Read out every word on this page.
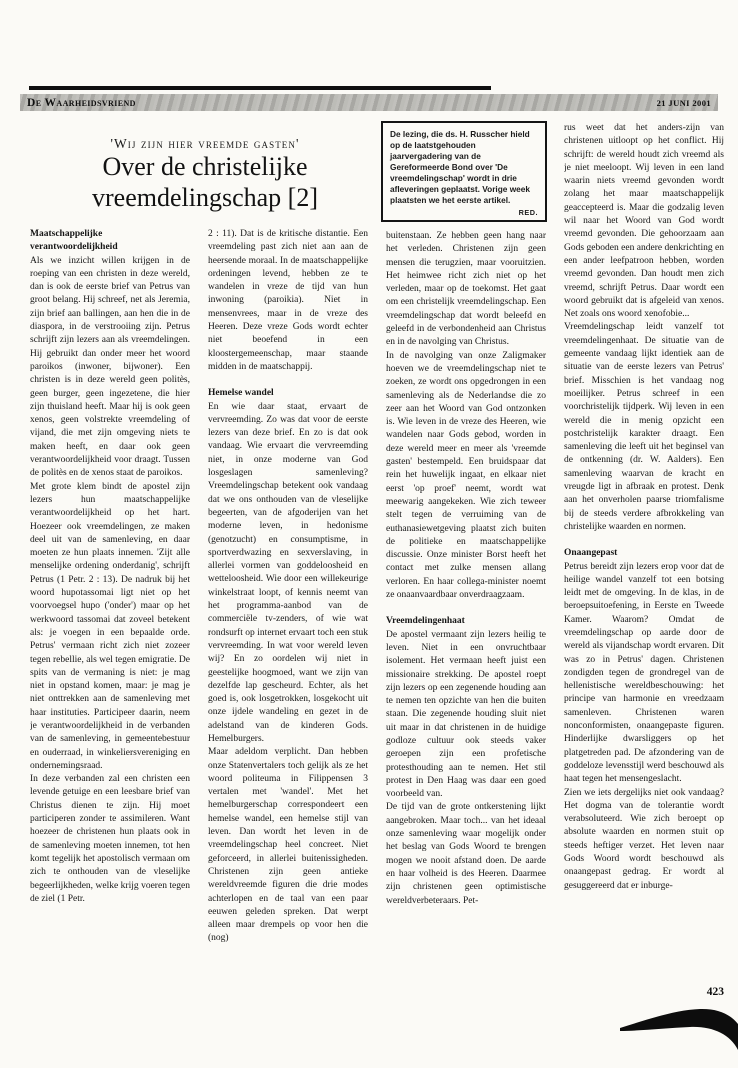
De Waarheidsvriend	21 JUNI 2001
'Wij zijn hier vreemde gasten'
Over de christelijke vreemdelingschap [2]
De lezing, die ds. H. Russcher hield op de laatstgehouden jaarvergadering van de Gereformeerde Bond over 'De vreemdelingschap' wordt in drie afleveringen geplaatst. Vorige week plaatsten we het eerste artikel.
RED.
Maatschappelijke verantwoordelijkheid
Als we inzicht willen krijgen in de roeping van een christen in deze wereld, dan is ook de eerste brief van Petrus van groot belang. Hij schreef, net als Jeremia, zijn brief aan ballingen, aan hen die in de diaspora, in de verstrooiing zijn. Petrus schrijft zijn lezers aan als vreemdelingen. Hij gebruikt dan onder meer het woord paroikos (inwoner, bijwoner). Een christen is in deze wereld geen politès, geen burger, geen ingezetene, die hier zijn thuisland heeft. Maar hij is ook geen xenos, geen volstrekte vreemdeling of vijand, die met zijn omgeving niets te maken heeft, en daar ook geen verantwoordelijkheid voor draagt. Tussen de politès en de xenos staat de paroikos.
Met grote klem bindt de apostel zijn lezers hun maatschappelijke verantwoordelijkheid op het hart. Hoezeer ook vreemdelingen, ze maken deel uit van de samenleving, en daar moeten ze hun plaats innemen. 'Zijt alle menselijke ordening onderdanig', schrijft Petrus (1 Petr. 2 : 13). De nadruk bij het woord hupotassomai ligt niet op het voorvoegsel hupo ('onder') maar op het werkwoord tassomai dat zoveel betekent als: je voegen in een bepaalde orde. Petrus' vermaan richt zich niet zozeer tegen rebellie, als wel tegen emigratie. De spits van de vermaning is niet: je mag niet in opstand komen, maar: je mag je niet onttrekken aan de samenleving met haar instituties. Participeer daarin, neem je verantwoordelijkheid in de verbanden van de samenleving, in gemeentebestuur en ouderraad, in winkeliersvereniging en ondernemingsraad.
In deze verbanden zal een christen een levende getuige en een leesbare brief van Christus dienen te zijn. Hij moet participeren zonder te assimileren. Want hoezeer de christenen hun plaats ook in de samenleving moeten innemen, tot hen komt tegelijk het apostolisch vermaan om zich te onthouden van de vleselijke begeerlijkheden, welke krijg voeren tegen de ziel (1 Petr.
2 : 11). Dat is de kritische distantie. Een vreemdeling past zich niet aan aan de heersende moraal. In de maatschappelijke ordeningen levend, hebben ze te wandelen in vreze de tijd van hun inwoning (paroikia). Niet in mensenvrees, maar in de vreze des Heeren. Deze vreze Gods wordt echter niet beoefend in een kloostergemeenschap, maar staande midden in de maatschappij.
Hemelse wandel
En wie daar staat, ervaart de vervreemding. Zo was dat voor de eerste lezers van deze brief. En zo is dat ook vandaag. Wie ervaart die vervreemding niet, in onze moderne van God losgeslagen samenleving? Vreemdelingschap betekent ook vandaag dat we ons onthouden van de vleselijke begeerten, van de afgoderijen van het moderne leven, in hedonisme (genotzucht) en consumptisme, in sportverdwazing en sexverslaving, in allerlei vormen van goddeloosheid en wetteloosheid. Wie door een willekeurige winkelstraat loopt, of kennis neemt van het programma-aanbod van de commerciële tv-zenders, of wie wat rondsurft op internet ervaart toch een stuk vervreemding. In wat voor wereld leven wij? En zo oordelen wij niet in geestelijke hoogmoed, want we zijn van dezelfde lap gescheurd. Echter, als het goed is, ook losgetrokken, losgekocht uit onze ijdele wandeling en gezet in de adelstand van de kinderen Gods. Hemelburgers.
Maar adeldom verplicht. Dan hebben onze Statenvertalers toch gelijk als ze het woord politeuma in Filippensen 3 vertalen met 'wandel'. Met het hemelburgerschap correspondeert een hemelse wandel, een hemelse stijl van leven. Dan wordt het leven in de vreemdelingschap heel concreet. Niet geforceerd, in allerlei buitenissigheden. Christenen zijn geen antieke wereldvreemde figuren die drie modes achterlopen en de taal van een paar eeuwen geleden spreken. Dat werpt alleen maar drempels op voor hen die (nog)
buitenstaan. Ze hebben geen hang naar het verleden. Christenen zijn geen mensen die terugzien, maar vooruitzien. Het heimwee richt zich niet op het verleden, maar op de toekomst. Het gaat om een christelijk vreemdelingschap. Een vreemdelingschap dat wordt beleefd en geleefd in de verbondenheid aan Christus en in de navolging van Christus.
In de navolging van onze Zaligmaker hoeven we de vreemdelingschap niet te zoeken, ze wordt ons opgedrongen in een samenleving als de Nederlandse die zo zeer aan het Woord van God ontzonken is. Wie leven in de vreze des Heeren, wie wandelen naar Gods gebod, worden in deze wereld meer en meer als 'vreemde gasten' bestempeld. Een bruidspaar dat rein het huwelijk ingaat, en elkaar niet eerst 'op proef' neemt, wordt wat meewarig aangekeken. Wie zich teweer stelt tegen de verruiming van de euthanasiewetgeving plaatst zich buiten de politieke en maatschappelijke discussie. Onze minister Borst heeft het contact met zulke mensen allang verloren. En haar collega-minister noemt ze onaanvaardbaar onverdraagzaam.
Vreemdelingenhaat
De apostel vermaant zijn lezers heilig te leven. Niet in een onvruchtbaar isolement. Het vermaan heeft juist een missionaire strekking. De apostel roept zijn lezers op een zegenende houding aan te nemen ten opzichte van hen die buiten staan. Die zegenende houding sluit niet uit maar in dat christenen in de huidige godloze cultuur ook steeds vaker geroepen zijn een profetische protesthouding aan te nemen. Het stil protest in Den Haag was daar een goed voorbeeld van.
De tijd van de grote ontkerstening lijkt aangebroken. Maar toch... van het ideaal onze samenleving waar mogelijk onder het beslag van Gods Woord te brengen mogen we nooit afstand doen. De aarde en haar volheid is des Heeren. Daarmee zijn christenen geen optimistische wereldverbeteraars. Pet-
rus weet dat het anders-zijn van christenen uitloopt op het conflict. Hij schrijft: de wereld houdt zich vreemd als je niet meeloopt. Wij leven in een land waarin niets vreemd gevonden wordt zolang het maar maatschappelijk geaccepteerd is. Maar die godzalig leven wil naar het Woord van God wordt vreemd gevonden. Die gehoorzaam aan Gods geboden een andere denkrichting en een ander leefpatroon hebben, worden vreemd gevonden. Dan houdt men zich vreemd, schrijft Petrus. Daar wordt een woord gebruikt dat is afgeleid van xenos. Net zoals ons woord xenofobie...
Vreemdelingschap leidt vanzelf tot vreemdelingenhaat. De situatie van de gemeente vandaag lijkt identiek aan de situatie van de eerste lezers van Petrus' brief. Misschien is het vandaag nog moeilijker. Petrus schreef in een voorchristelijk tijdperk. Wij leven in een wereld die in menig opzicht een postchristelijk karakter draagt. Een samenleving die leeft uit het beginsel van de ontkenning (dr. W. Aalders). Een samenleving waarvan de kracht en vreugde ligt in afbraak en protest. Denk aan het onverholen paarse triomfalisme bij de steeds verdere afbrokkeling van christelijke waarden en normen.
Onaangepast
Petrus bereidt zijn lezers erop voor dat de heilige wandel vanzelf tot een botsing leidt met de omgeving. In de klas, in de beroepsuitoefening, in Eerste en Tweede Kamer. Waarom? Omdat de vreemdelingschap op aarde door de wereld als vijandschap wordt ervaren. Dit was zo in Petrus' dagen. Christenen zondigden tegen de grondregel van de hellenistische wereldbeschouwing: het principe van harmonie en vreedzaam samenleven. Christenen waren nonconformisten, onaangepaste figuren. Hinderlijke dwarsliggers op het platgetreden pad. De afzondering van de goddeloze levensstijl werd beschouwd als haat tegen het mensengeslacht.
Zien we iets dergelijks niet ook vandaag? Het dogma van de tolerantie wordt verabsoluteerd. Wie zich beroept op absolute waarden en normen stuit op steeds heftiger verzet. Het leven naar Gods Woord wordt beschouwd als onaangepast gedrag. Er wordt al gesuggereerd dat er inburge-
423
